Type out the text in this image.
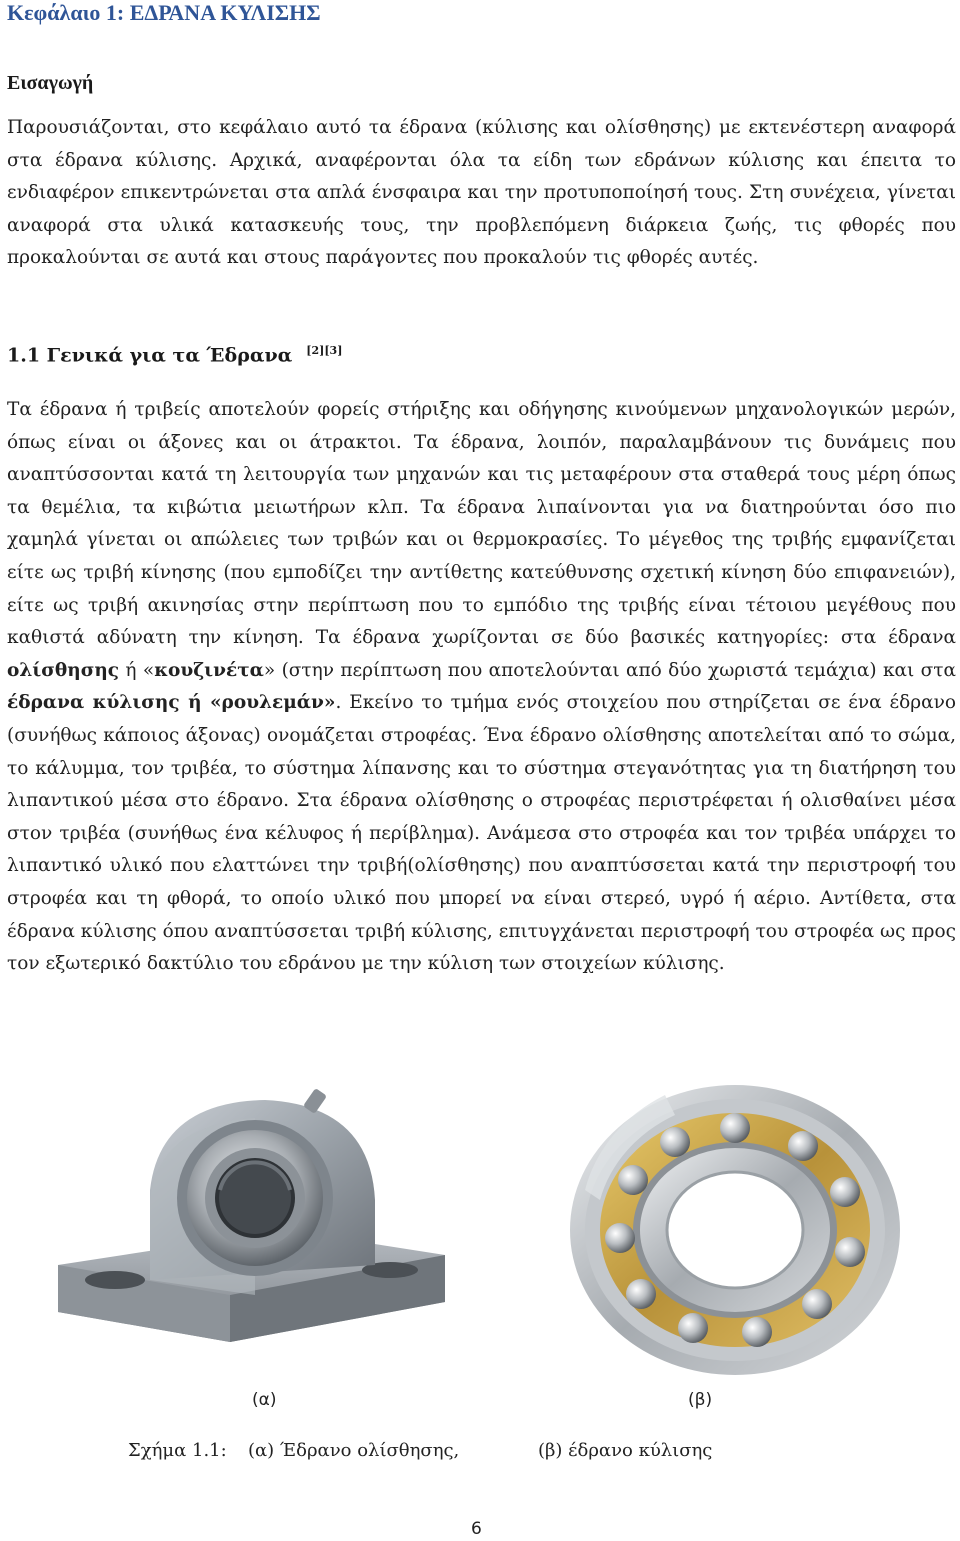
Κεφάλαιο 1: ΕΔΡΑΝΑ ΚΥΛΙΣΗΣ
Εισαγωγή

Παρουσιάζονται, στο κεφάλαιο αυτό τα έδρανα (κύλισης και ολίσθησης) με εκτενέστερη αναφορά στα έδρανα κύλισης. Αρχικά, αναφέρονται όλα τα είδη των εδράνων κύλισης και έπειτα το ενδιαφέρον επικεντρώνεται στα απλά ένσφαιρα και την προτυποποίησή τους. Στη συνέχεια, γίνεται αναφορά στα υλικά κατασκευής τους, την προβλεπόμενη διάρκεια ζωής, τις φθορές που προκαλούνται σε αυτά και στους παράγοντες που προκαλούν τις φθορές αυτές.

1.1 Γενικά για τα Έδρανα [2][3]

Τα έδρανα ή τριβείς αποτελούν φορείς στήριξης και οδήγησης κινούμενων μηχανολογικών μερών, όπως είναι οι άξονες και οι άτρακτοι. Τα έδρανα, λοιπόν, παραλαμβάνουν τις δυνάμεις που αναπτύσσονται κατά τη λειτουργία των μηχανών και τις μεταφέρουν στα σταθερά τους μέρη όπως τα θεμέλια, τα κιβώτια μειωτήρων κλπ. Τα έδρανα λιπαίνονται για να διατηρούνται όσο πιο χαμηλά γίνεται οι απώλειες των τριβών και οι θερμοκρασίες. Το μέγεθος της τριβής εμφανίζεται είτε ως τριβή κίνησης (που εμποδίζει την αντίθετης κατεύθυνσης σχετική κίνηση δύο επιφανειών), είτε ως τριβή ακινησίας στην περίπτωση που το εμπόδιο της τριβής είναι τέτοιου μεγέθους που καθιστά αδύνατη την κίνηση. Τα έδρανα χωρίζονται σε δύο βασικές κατηγορίες: στα έδρανα ολίσθησης ή «κουζινέτα» (στην περίπτωση που αποτελούνται από δύο χωριστά τεμάχια) και στα έδρανα κύλισης ή «ρουλεμάν». Εκείνο το τμήμα ενός στοιχείου που στηρίζεται σε ένα έδρανο (συνήθως κάποιος άξονας) ονομάζεται στροφέας. Ένα έδρανο ολίσθησης αποτελείται από το σώμα, το κάλυμμα, τον τριβέα, το σύστημα λίπανσης και το σύστημα στεγανότητας για τη διατήρηση του λιπαντικού μέσα στο έδρανο. Στα έδρανα ολίσθησης ο στροφέας περιστρέφεται ή ολισθαίνει μέσα στον τριβέα (συνήθως ένα κέλυφος ή περίβλημα). Ανάμεσα στο στροφέα και τον τριβέα υπάρχει το λιπαντικό υλικό που ελαττώνει την τριβή(ολίσθησης) που αναπτύσσεται κατά την περιστροφή του στροφέα και τη φθορά, το οποίο υλικό που μπορεί να είναι στερεό, υγρό ή αέριο. Αντίθετα, στα έδρανα κύλισης όπου αναπτύσσεται τριβή κύλισης, επιτυγχάνεται περιστροφή του στροφέα ως προς τον εξωτερικό δακτύλιο του εδράνου με την κύλιση των στοιχείων κύλισης.

(α)	(β)
Σχήμα 1.1: (α) Έδρανο ολίσθησης,	(β) έδρανο κύλισης
6
